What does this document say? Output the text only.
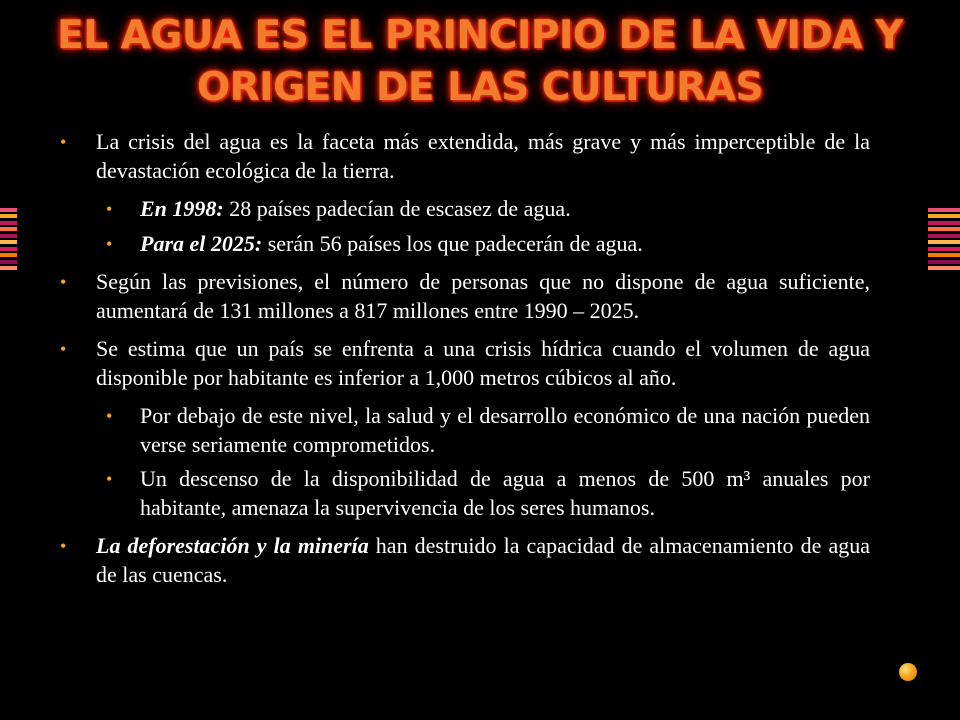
EL AGUA ES EL PRINCIPIO DE LA VIDA Y
ORIGEN DE LAS CULTURAS
• La crisis del agua es la faceta más extendida, más grave y más imperceptible de la devastación ecológica de la tierra.
• En 1998: 28 países padecían de escasez de agua.
• Para el 2025: serán 56 países los que padecerán de agua.
• Según las previsiones, el número de personas que no dispone de agua suficiente, aumentará de 131 millones a 817 millones entre 1990 – 2025.
• Se estima que un país se enfrenta a una crisis hídrica cuando el volumen de agua disponible por habitante es inferior a 1,000 metros cúbicos al año.
• Por debajo de este nivel, la salud y el desarrollo económico de una nación pueden verse seriamente comprometidos.
• Un descenso de la disponibilidad de agua a menos de 500 m³ anuales por habitante, amenaza la supervivencia de los seres humanos.
• La deforestación y la minería han destruido la capacidad de almacenamiento de agua de las cuencas.
